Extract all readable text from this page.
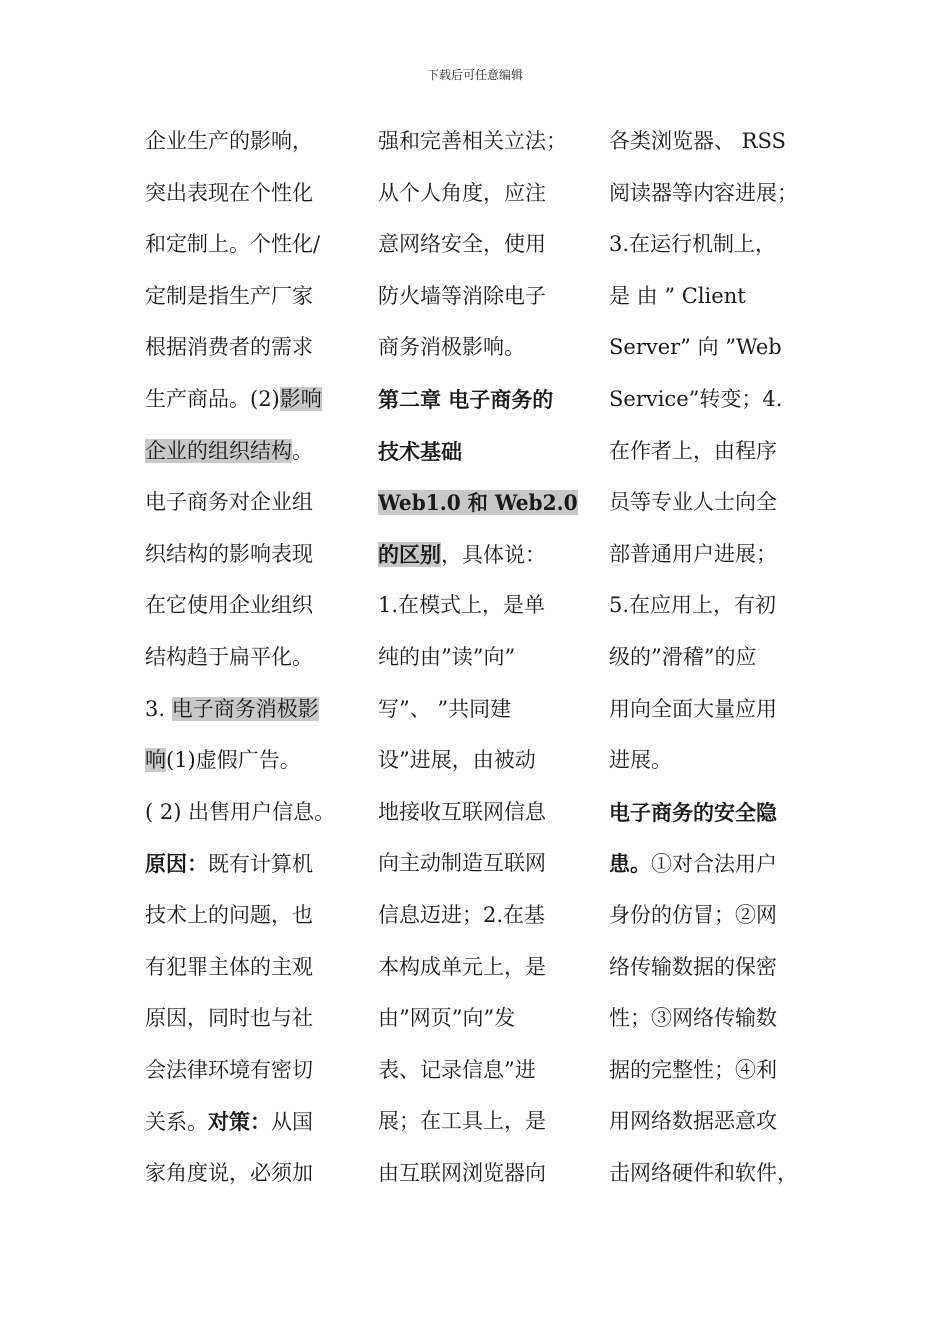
下载后可任意编辑
企业生产的影响，
突出表现在个性化
和定制上。个性化/
定制是指生产厂家
根据消费者的需求
生产商品。(2)影响
企业的组织结构。
电子商务对企业组
织结构的影响表现
在它使用企业组织
结构趋于扁平化。
3. 电子商务消极影
响(1)虚假广告。
( 2) 出售用户信息。
原因：既有计算机
技术上的问题，也
有犯罪主体的主观
原因，同时也与社
会法律环境有密切
关系。对策：从国
家角度说，必须加
强和完善相关立法；
从个人角度，应注
意网络安全，使用
防火墙等消除电子
商务消极影响。
第二章 电子商务的
技术基础
Web1.0 和 Web2.0
的区别，具体说：
1.在模式上，是单
纯的由”读”向”
写”、 ”共同建
设”进展，由被动
地接收互联网信息
向主动制造互联网
信息迈进；2.在基
本构成单元上，是
由”网页”向”发
表、记录信息”进
展；在工具上，是
由互联网浏览器向
各类浏览器、 RSS
阅读器等内容进展；
3.在运行机制上，
是 由 ” Client
Server” 向 ”Web
Service”转变；4.
在作者上，由程序
员等专业人士向全
部普通用户进展；
5.在应用上，有初
级的”滑稽”的应
用向全面大量应用
进展。
电子商务的安全隐
患。①对合法用户
身份的仿冒；②网
络传输数据的保密
性；③网络传输数
据的完整性；④利
用网络数据恶意攻
击网络硬件和软件，
